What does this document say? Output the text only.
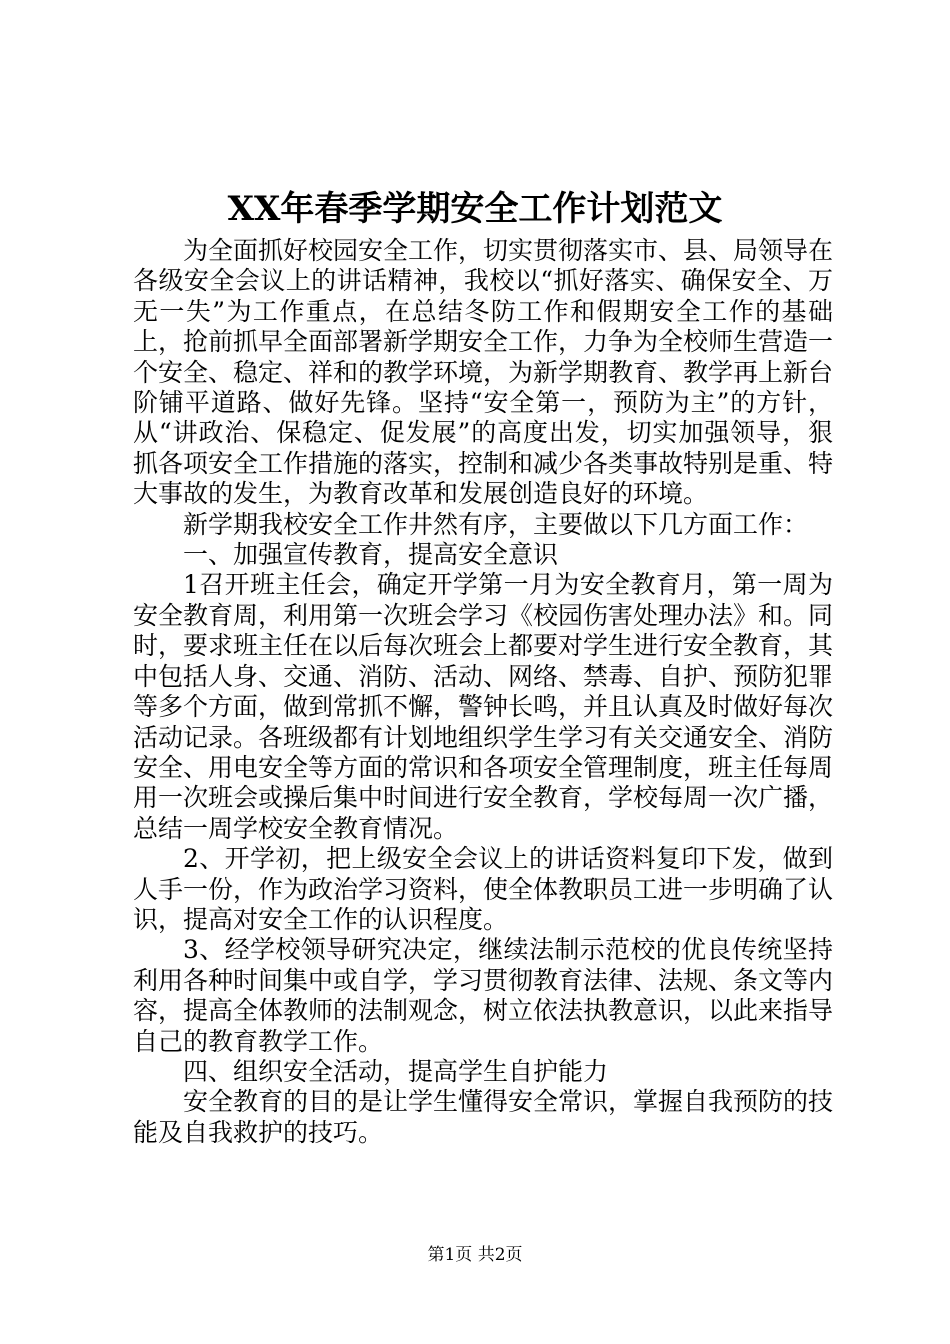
XX年春季学期安全工作计划范文

为全面抓好校园安全工作，切实贯彻落实市、县、局领导在各级安全会议上的讲话精神，我校以“抓好落实、确保安全、万无一失”为工作重点，在总结冬防工作和假期安全工作的基础上，抢前抓早全面部署新学期安全工作，力争为全校师生营造一个安全、稳定、祥和的教学环境，为新学期教育、教学再上新台阶铺平道路、做好先锋。坚持“安全第一，预防为主”的方针，从“讲政治、保稳定、促发展”的高度出发，切实加强领导，狠抓各项安全工作措施的落实，控制和减少各类事故特别是重、特大事故的发生，为教育改革和发展创造良好的环境。

新学期我校安全工作井然有序，主要做以下几方面工作：

一、加强宣传教育，提高安全意识

1召开班主任会，确定开学第一月为安全教育月，第一周为安全教育周，利用第一次班会学习《校园伤害处理办法》和。同时，要求班主任在以后每次班会上都要对学生进行安全教育，其中包括人身、交通、消防、活动、网络、禁毒、自护、预防犯罪等多个方面，做到常抓不懈，警钟长鸣，并且认真及时做好每次活动记录。各班级都有计划地组织学生学习有关交通安全、消防安全、用电安全等方面的常识和各项安全管理制度，班主任每周用一次班会或操后集中时间进行安全教育，学校每周一次广播，总结一周学校安全教育情况。

2、开学初，把上级安全会议上的讲话资料复印下发，做到人手一份，作为政治学习资料，使全体教职员工进一步明确了认识，提高对安全工作的认识程度。

3、经学校领导研究决定，继续法制示范校的优良传统坚持利用各种时间集中或自学，学习贯彻教育法律、法规、条文等内容，提高全体教师的法制观念，树立依法执教意识，以此来指导自己的教育教学工作。

四、组织安全活动，提高学生自护能力

安全教育的目的是让学生懂得安全常识，掌握自我预防的技能及自我救护的技巧。

第1页 共2页
